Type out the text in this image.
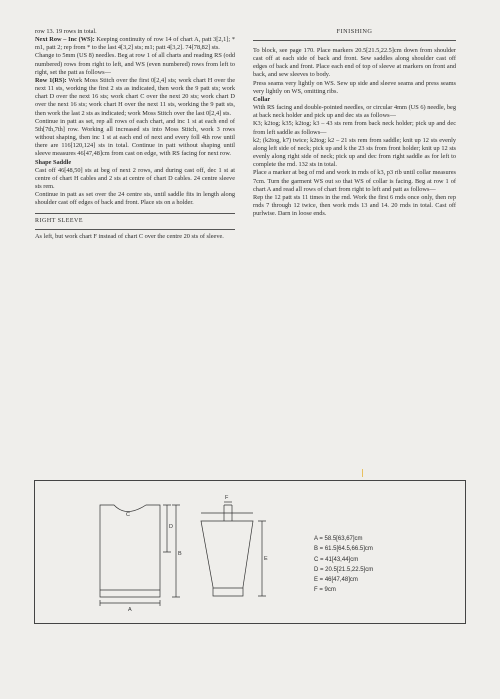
row 13. 19 rows in total.

Next Row – Inc (WS): Keeping continuity of row 14 of chart A, patt 3[2,1]; * m1, patt 2; rep from * to the last 4[3,2] sts; m1; patt 4[3,2]. 74[78,82] sts.

Change to 5mm (US 8) needles. Beg at row 1 of all charts and reading RS (odd numbered) rows from right to left, and WS (even numbered) rows from left to right, set the patt as follows—

Row 1(RS): Work Moss Stitch over the first 0[2,4] sts; work chart H over the next 11 sts, working the first 2 sts as indicated, then work the 9 patt sts; work chart D over the next 16 sts; work chart C over the next 20 sts; work chart D over the next 16 sts; work chart H over the next 11 sts, working the 9 patt sts, then work the last 2 sts as indicated; work Moss Stitch over the last 0[2,4] sts.

Continue in patt as set, rep all rows of each chart, and inc 1 st at each end of 5th[7th,7th] row. Working all increased sts into Moss Stitch, work 3 rows without shaping, then inc 1 st at each end of next and every foll 4th row until there are 116[120,124] sts in total. Continue in patt without shaping until sleeve measures 46[47,48]cm from cast on edge, with RS facing for next row.

Shape Saddle

Cast off 46[48,50] sts at beg of next 2 rows, and during cast off, dec 1 st at centre of chart H cables and 2 sts at centre of chart D cables. 24 centre sleeve sts rem.

Continue in patt as set over the 24 centre sts, until saddle fits in length along shoulder cast off edges of back and front. Place sts on a holder.

RIGHT SLEEVE

As left, but work chart F instead of chart C over the centre 20 sts of sleeve.

FINISHING

To block, see page 170. Place markers 20.5[21.5,22.5]cm down from shoulder cast off at each side of back and front. Sew saddles along shoulder cast off edges of back and front. Place each end of top of sleeve at markers on front and back, and sew sleeves to body.

Press seams very lightly on WS. Sew up side and sleeve seams and press seams very lightly on WS, omitting ribs.

Collar

With RS facing and double-pointed needles, or circular 4mm (US 6) needle, beg at back neck holder and pick up and dec sts as follows—

K3; k2tog; k35; k2tog; k3 – 43 sts rem from back neck holder; pick up and dec from left saddle as follows—

k2; (k2tog, k7) twice; k2tog; k2 – 21 sts rem from saddle; knit up 12 sts evenly along left side of neck; pick up and k the 23 sts from front holder; knit up 12 sts evenly along right side of neck; pick up and dec from right saddle as for left to complete the rnd. 132 sts in total.

Place a marker at beg of rnd and work in rnds of k3, p3 rib until collar measures 7cm. Turn the garment WS out so that WS of collar is facing. Beg at row 1 of chart A and read all rows of chart from right to left and patt as follows—

Rep the 12 patt sts 11 times in the rnd. Work the first 6 rnds once only, then rep rnds 7 through 12 twice, then work rnds 13 and 14. 20 rnds in total. Cast off purlwise. Darn in loose ends.

A
B
C
D
E
F
A = 58.5[63,67]cm
B = 61.5[64.5,66.5]cm
C = 41[43,44]cm
D = 20.5[21.5,22.5]cm
E = 46[47,48]cm
F = 9cm
